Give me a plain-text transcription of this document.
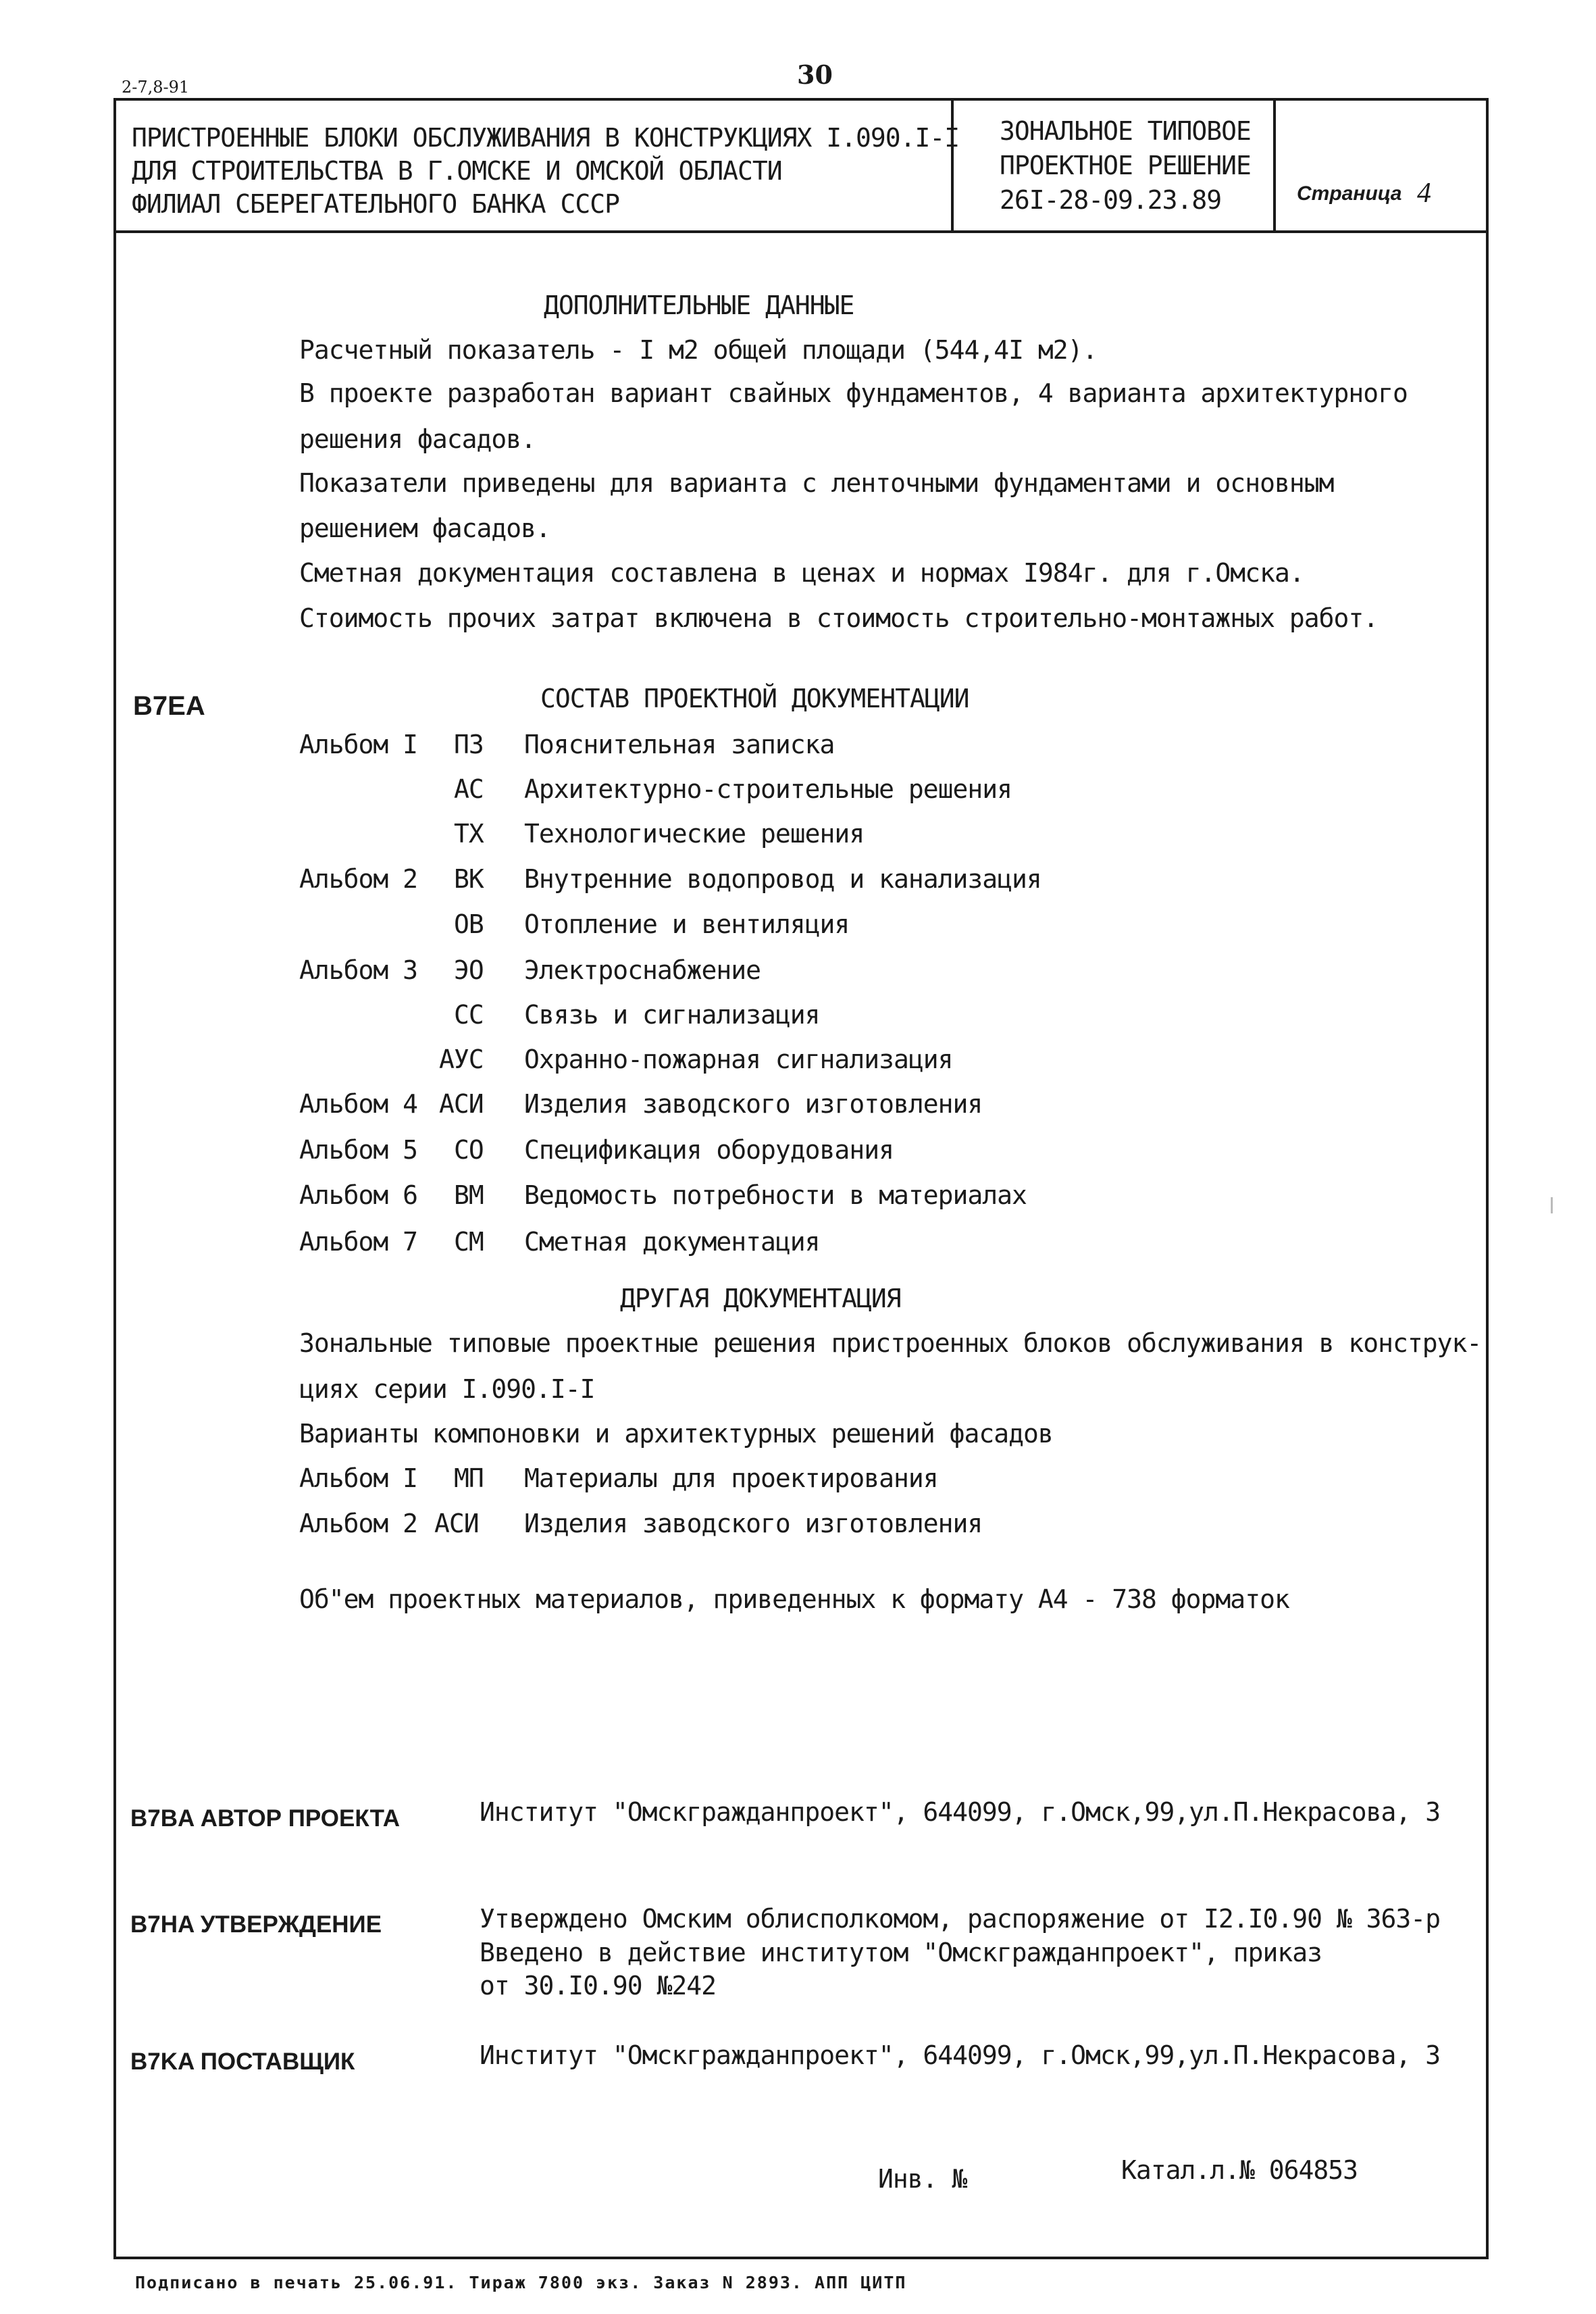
2-7,8-91	30
ПРИСТРОЕННЫЕ БЛОКИ ОБСЛУЖИВАНИЯ В КОНСТРУКЦИЯХ I.090.I-I
ДЛЯ СТРОИТЕЛЬСТВА В Г.ОМСКЕ И ОМСКОЙ ОБЛАСТИ
ФИЛИАЛ СБЕРЕГАТЕЛЬНОГО БАНКА СССР
ЗОНАЛЬНОЕ ТИПОВОЕ
ПРОЕКТНОЕ РЕШЕНИЕ
26I-28-09.23.89	Страница 4
ДОПОЛНИТЕЛЬНЫЕ ДАННЫЕ
Расчетный показатель - I м2 общей площади (544,4I м2).
В проекте разработан вариант свайных фундаментов, 4 варианта архитектурного
решения фасадов.
Показатели приведены для варианта с ленточными фундаментами и основным
решением фасадов.
Сметная документация составлена в ценах и нормах I984г. для г.Омска.
Стоимость прочих затрат включена в стоимость строительно-монтажных работ.
B7EA	СОСТАВ ПРОЕКТНОЙ ДОКУМЕНТАЦИИ
Альбом I ПЗ Пояснительная записка
АС Архитектурно-строительные решения
ТХ Технологические решения
Альбом 2 ВК Внутренние водопровод и канализация
ОВ Отопление и вентиляция
Альбом 3 ЭО Электроснабжение
СС Связь и сигнализация
АУС Охранно-пожарная сигнализация
Альбом 4 АСИ Изделия заводского изготовления
Альбом 5 СО Спецификация оборудования
Альбом 6 ВМ Ведомость потребности в материалах
Альбом 7 СМ Сметная документация
ДРУГАЯ ДОКУМЕНТАЦИЯ
Зональные типовые проектные решения пристроенных блоков обслуживания в конструк-
циях серии I.090.I-I
Варианты компоновки и архитектурных решений фасадов
Альбом I МП Материалы для проектирования
Альбом 2 АСИ Изделия заводского изготовления
Об"ем проектных материалов, приведенных к формату А4 - 738 форматок
B7BA АВТОР ПРОЕКТА	Институт "Омскгражданпроект", 644099, г.Омск,99,ул.П.Некрасова, 3
B7HA УТВЕРЖДЕНИЕ	Утверждено Омским облисполкомом, распоряжение от I2.I0.90 № 363-р
Введено в действие институтом "Омскгражданпроект", приказ
от 30.I0.90 №242
B7KA ПОСТАВЩИК	Институт "Омскгражданпроект", 644099, г.Омск,99,ул.П.Некрасова, 3
Инв. №	Катал.л.№ 064853
Подписано в печать 25.06.91. Тираж 7800 экз. Заказ N 2893. АПП ЦИТП
